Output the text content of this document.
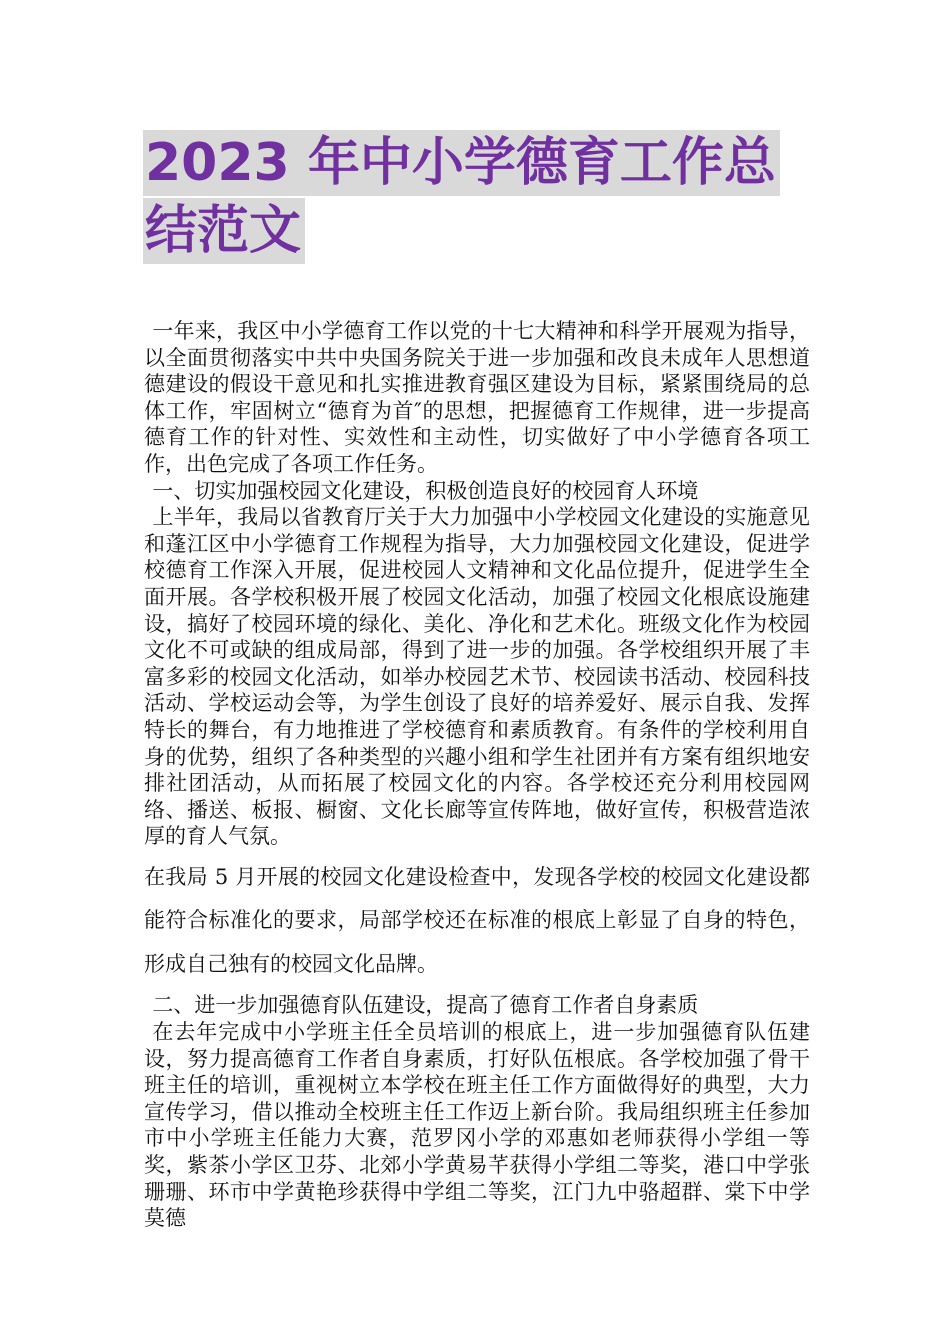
2023 年中小学德育工作总
结范文

一年来，我区中小学德育工作以党的十七大精神和科学开展观为指导，以全面贯彻落实中共中央国务院关于进一步加强和改良未成年人思想道德建设的假设干意见和扎实推进教育强区建设为目标，紧紧围绕局的总体工作，牢固树立“德育为首″的思想，把握德育工作规律，进一步提高德育工作的针对性、实效性和主动性，切实做好了中小学德育各项工作，出色完成了各项工作任务。

一、切实加强校园文化建设，积极创造良好的校园育人环境

上半年，我局以省教育厅关于大力加强中小学校园文化建设的实施意见和蓬江区中小学德育工作规程为指导，大力加强校园文化建设，促进学校德育工作深入开展，促进校园人文精神和文化品位提升，促进学生全面开展。各学校积极开展了校园文化活动，加强了校园文化根底设施建设，搞好了校园环境的绿化、美化、净化和艺术化。班级文化作为校园文化不可或缺的组成局部，得到了进一步的加强。各学校组织开展了丰富多彩的校园文化活动，如举办校园艺术节、校园读书活动、校园科技活动、学校运动会等，为学生创设了良好的培养爱好、展示自我、发挥特长的舞台，有力地推进了学校德育和素质教育。有条件的学校利用自身的优势，组织了各种类型的兴趣小组和学生社团并有方案有组织地安排社团活动，从而拓展了校园文化的内容。各学校还充分利用校园网络、播送、板报、橱窗、文化长廊等宣传阵地，做好宣传，积极营造浓厚的育人气氛。

在我局 5 月开展的校园文化建设检查中，发现各学校的校园文化建设都能符合标准化的要求，局部学校还在标准的根底上彰显了自身的特色，形成自己独有的校园文化品牌。

二、进一步加强德育队伍建设，提高了德育工作者自身素质

在去年完成中小学班主任全员培训的根底上，进一步加强德育队伍建设，努力提高德育工作者自身素质，打好队伍根底。各学校加强了骨干班主任的培训，重视树立本学校在班主任工作方面做得好的典型，大力宣传学习，借以推动全校班主任工作迈上新台阶。我局组织班主任参加市中小学班主任能力大赛，范罗冈小学的邓惠如老师获得小学组一等奖，紫茶小学区卫芬、北郊小学黄易芊获得小学组二等奖，港口中学张珊珊、环市中学黄艳珍获得中学组二等奖，江门九中骆超群、棠下中学莫德
